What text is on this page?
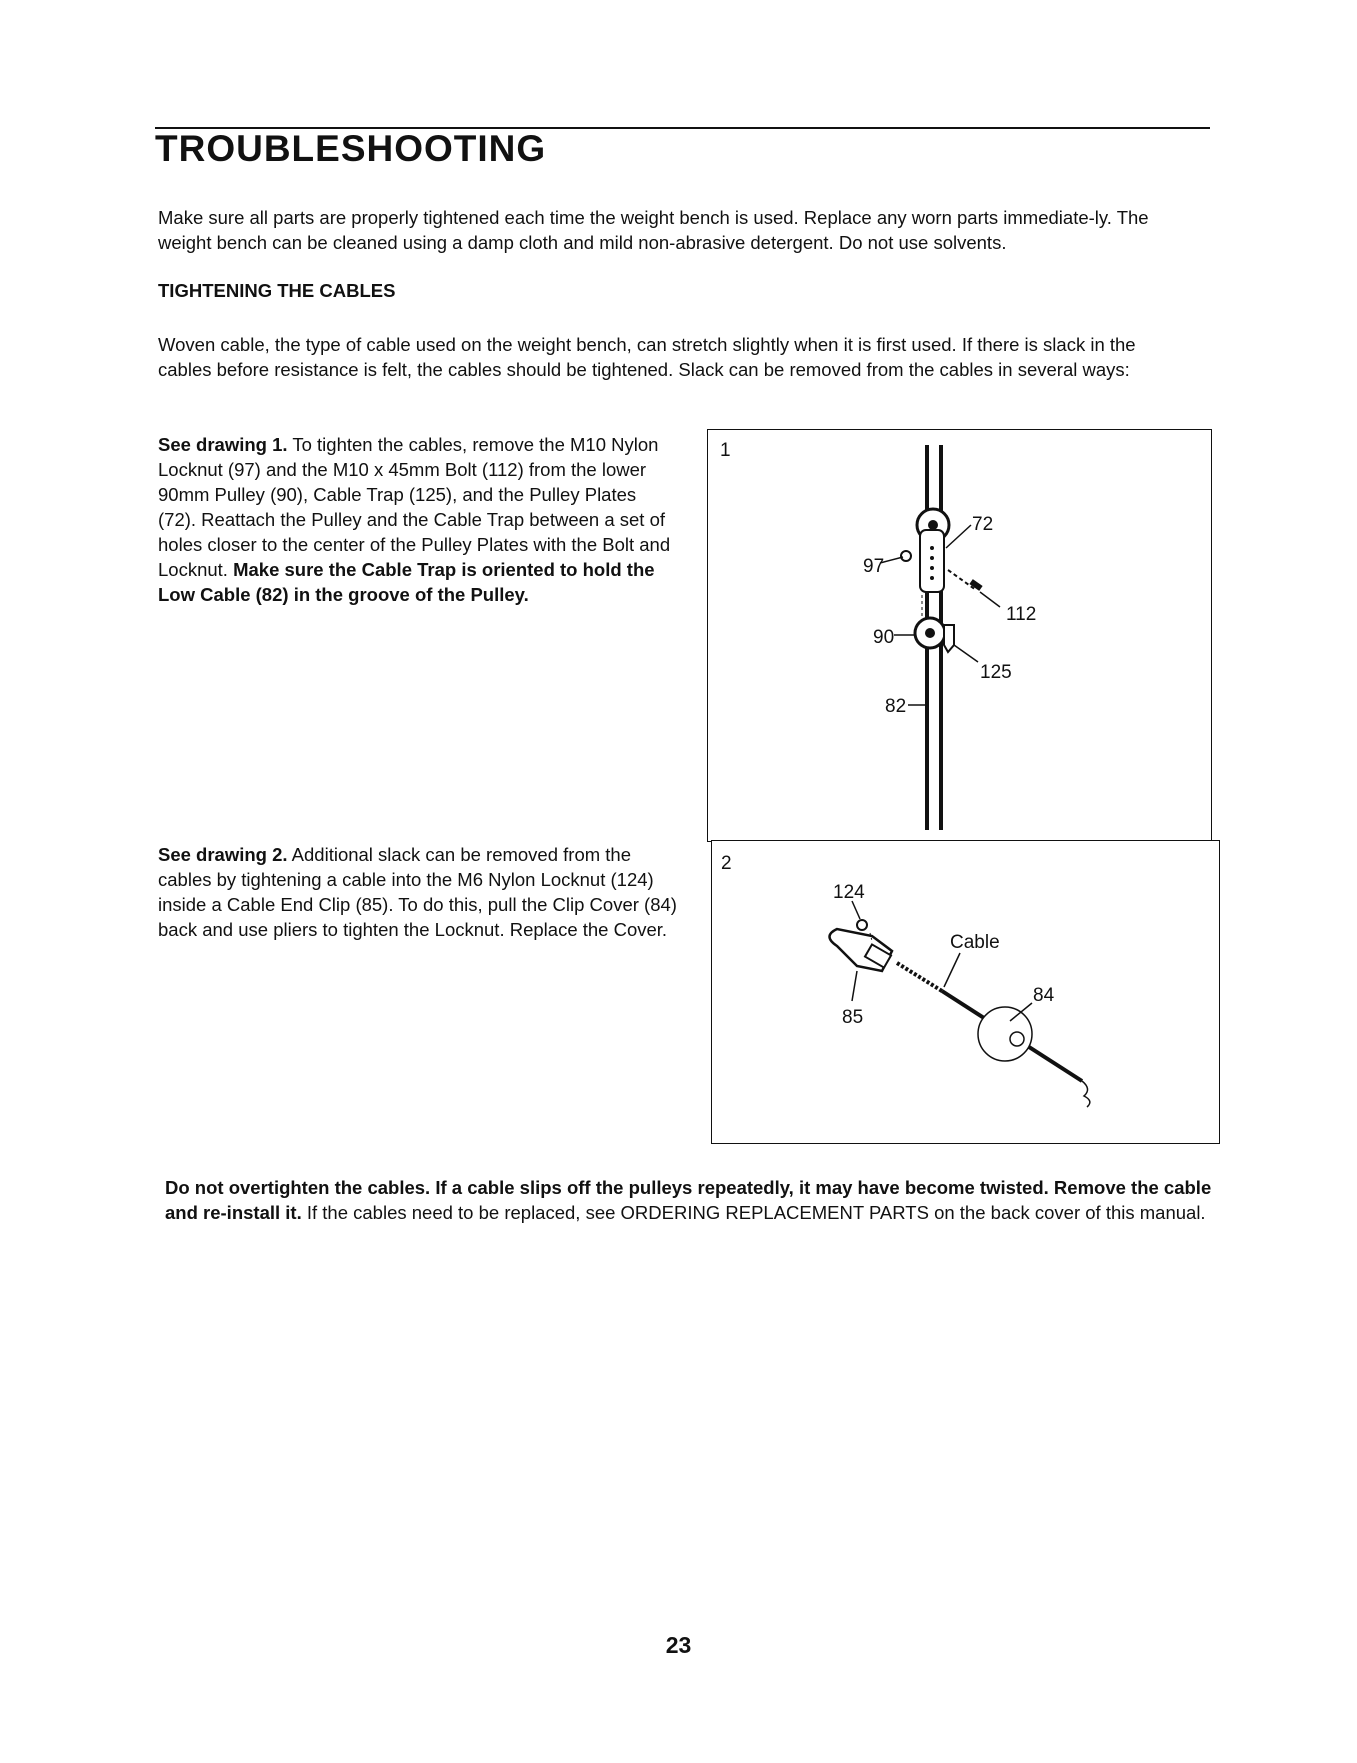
TROUBLESHOOTING

Make sure all parts are properly tightened each time the weight bench is used. Replace any worn parts immediate-ly. The weight bench can be cleaned using a damp cloth and mild non-abrasive detergent. Do not use solvents.

TIGHTENING THE CABLES

Woven cable, the type of cable used on the weight bench, can stretch slightly when it is first used. If there is slack in the cables before resistance is felt, the cables should be tightened. Slack can be removed from the cables in several ways:

See drawing 1. To tighten the cables, remove the M10 Nylon Locknut (97) and the M10 x 45mm Bolt (112) from the lower 90mm Pulley (90), Cable Trap (125), and the Pulley Plates (72). Reattach the Pulley and the Cable Trap between a set of holes closer to the center of the Pulley Plates with the Bolt and Locknut. Make sure the Cable Trap is oriented to hold the Low Cable (82) in the groove of the Pulley.

See drawing 2. Additional slack can be removed from the cables by tightening a cable into the M6 Nylon Locknut (124) inside a Cable End Clip (85). To do this, pull the Clip Cover (84) back and use pliers to tighten the Locknut. Replace the Cover.

1
72
97
112
90
125
82
2
124
Cable
84
85

Do not overtighten the cables. If a cable slips off the pulleys repeatedly, it may have become twisted. Remove the cable and re-install it. If the cables need to be replaced, see ORDERING REPLACEMENT PARTS on the back cover of this manual.

23
